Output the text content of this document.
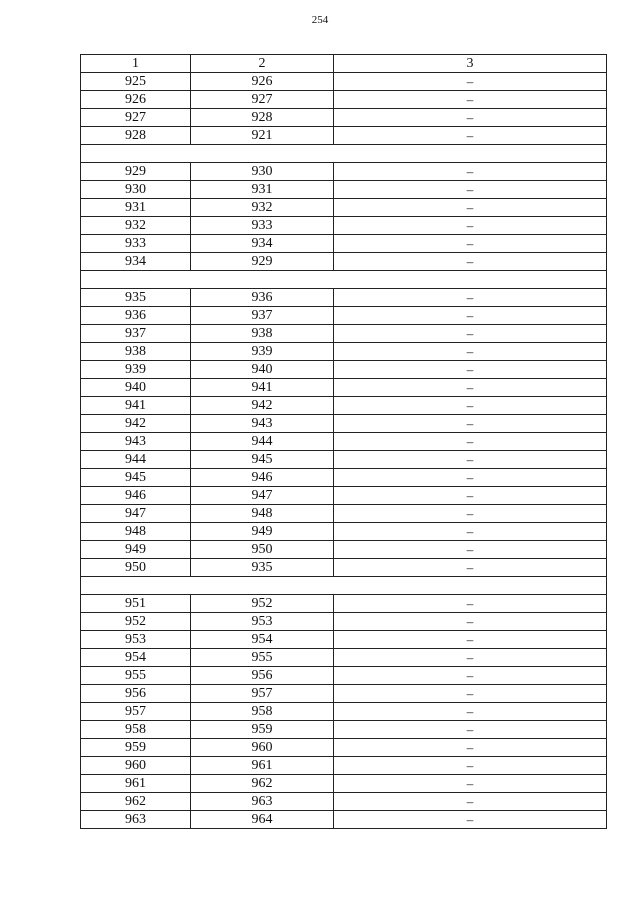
254
1	2	3
925	926	–
926	927	–
927	928	–
928	921	–

929	930	–
930	931	–
931	932	–
932	933	–
933	934	–
934	929	–

935	936	–
936	937	–
937	938	–
938	939	–
939	940	–
940	941	–
941	942	–
942	943	–
943	944	–
944	945	–
945	946	–
946	947	–
947	948	–
948	949	–
949	950	–
950	935	–

951	952	–
952	953	–
953	954	–
954	955	–
955	956	–
956	957	–
957	958	–
958	959	–
959	960	–
960	961	–
961	962	–
962	963	–
963	964	–
